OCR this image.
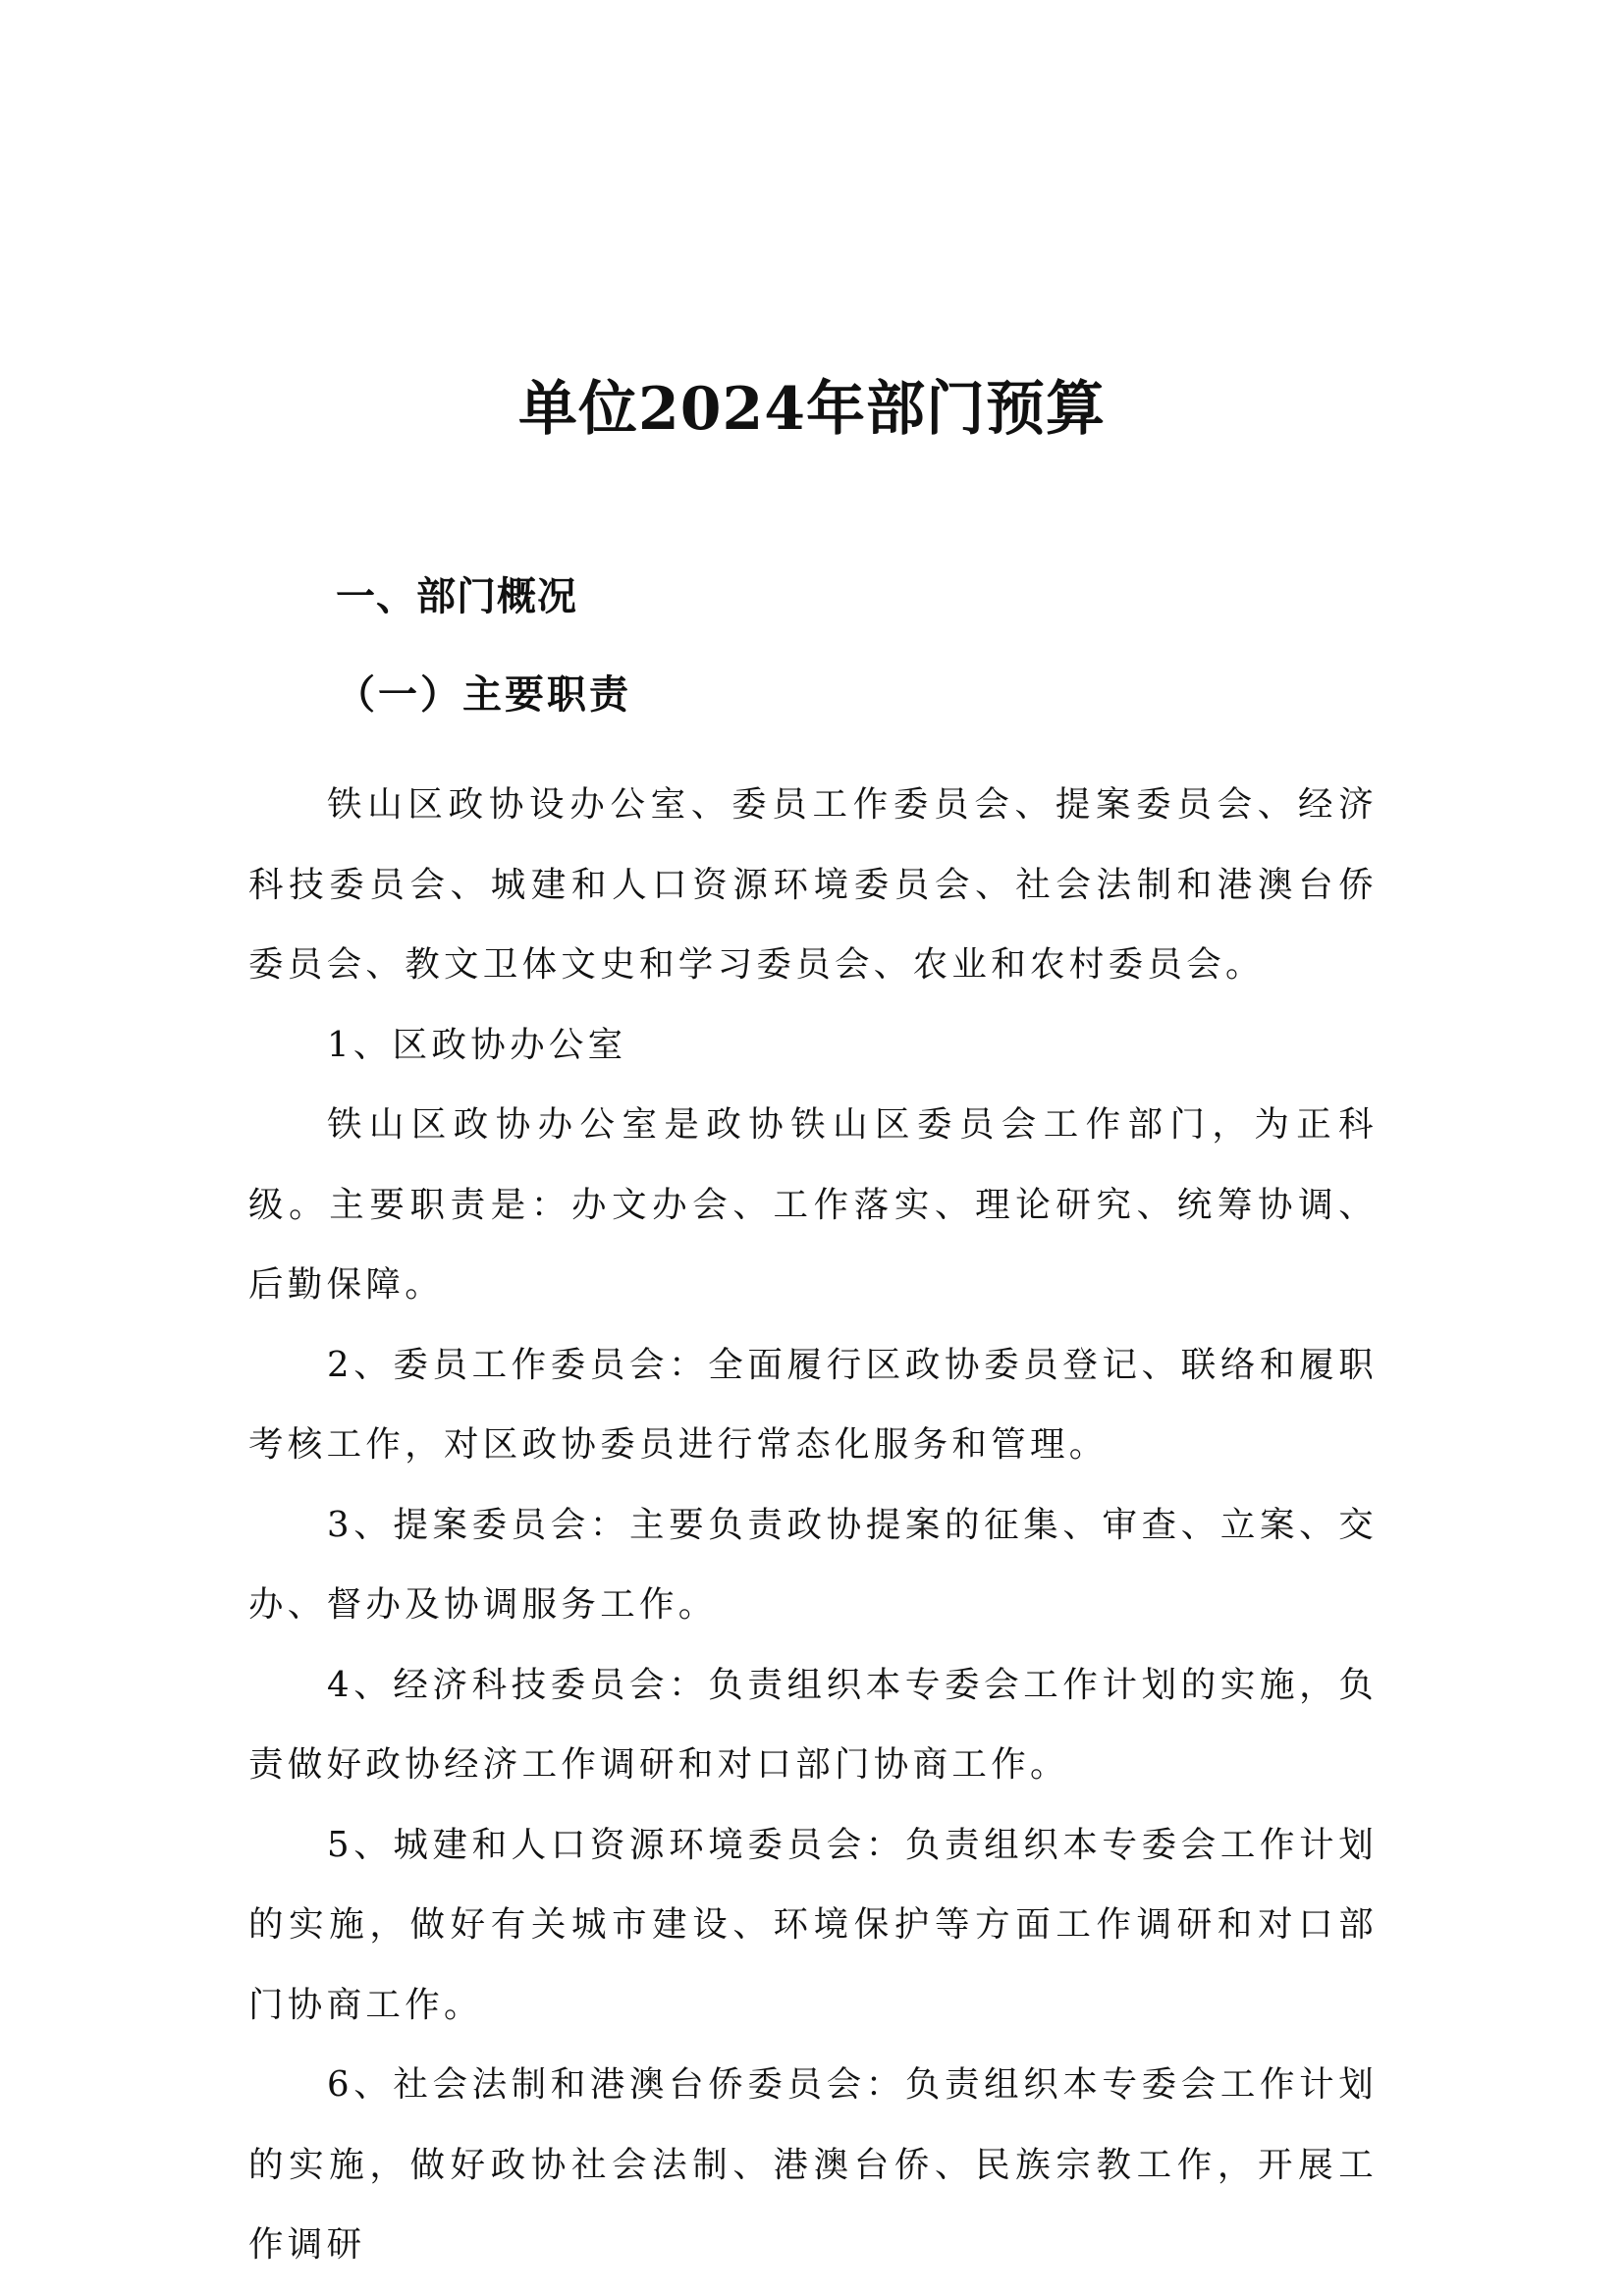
单位2024年部门预算
一、部门概况
（一）主要职责

铁山区政协设办公室、委员工作委员会、提案委员会、经济科技委员会、城建和人口资源环境委员会、社会法制和港澳台侨委员会、教文卫体文史和学习委员会、农业和农村委员会。

1、区政协办公室

铁山区政协办公室是政协铁山区委员会工作部门，为正科级。主要职责是：办文办会、工作落实、理论研究、统筹协调、后勤保障。

2、委员工作委员会：全面履行区政协委员登记、联络和履职考核工作，对区政协委员进行常态化服务和管理。

3、提案委员会：主要负责政协提案的征集、审查、立案、交办、督办及协调服务工作。

4、经济科技委员会：负责组织本专委会工作计划的实施，负责做好政协经济工作调研和对口部门协商工作。

5、城建和人口资源环境委员会：负责组织本专委会工作计划的实施，做好有关城市建设、环境保护等方面工作调研和对口部门协商工作。

6、社会法制和港澳台侨委员会：负责组织本专委会工作计划的实施，做好政协社会法制、港澳台侨、民族宗教工作，开展工作调研
